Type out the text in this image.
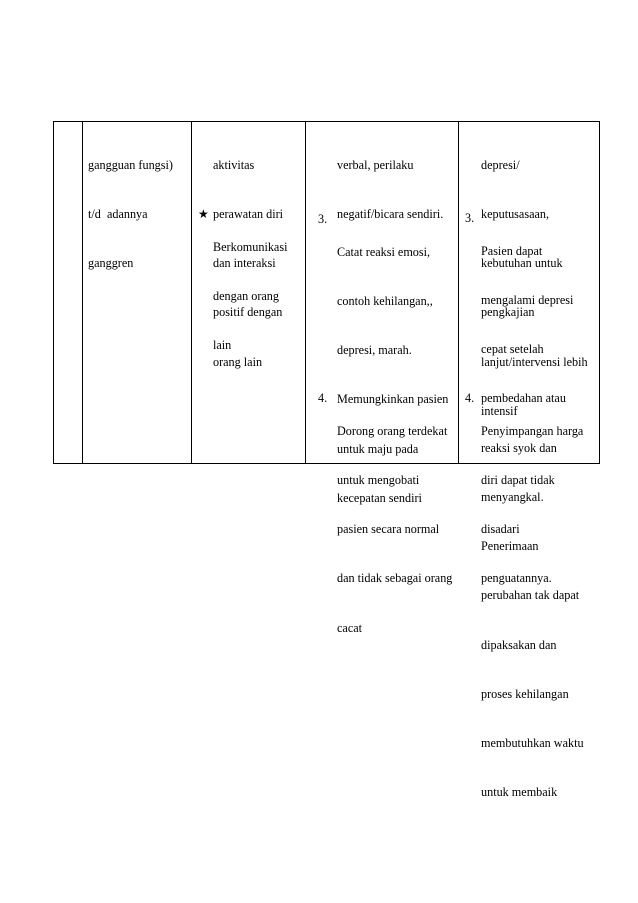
gangguan fungsi)

t/d  adannya

ganggren

aktivitas

perawatan diri

dan interaksi

positif dengan

orang lain

★

Berkomunikasi

dengan orang

lain

verbal, perilaku

negatif/bicara sendiri.

3.

Catat reaksi emosi,

contoh kehilangan,,

depresi, marah.

Memungkinkan pasien

untuk maju pada

kecepatan sendiri

4.

Dorong orang terdekat

untuk mengobati

pasien secara normal

dan tidak sebagai orang

cacat

depresi/

keputusasaan,

kebutuhan untuk

pengkajian

lanjut/intervensi lebih

intensif

3.

Pasien dapat

mengalami depresi

cepat setelah

pembedahan atau

reaksi syok dan

menyangkal.

Penerimaan

perubahan tak dapat

dipaksakan dan

proses kehilangan

membutuhkan waktu

untuk membaik

4.

Penyimpangan harga

diri dapat tidak

disadari

penguatannya.
